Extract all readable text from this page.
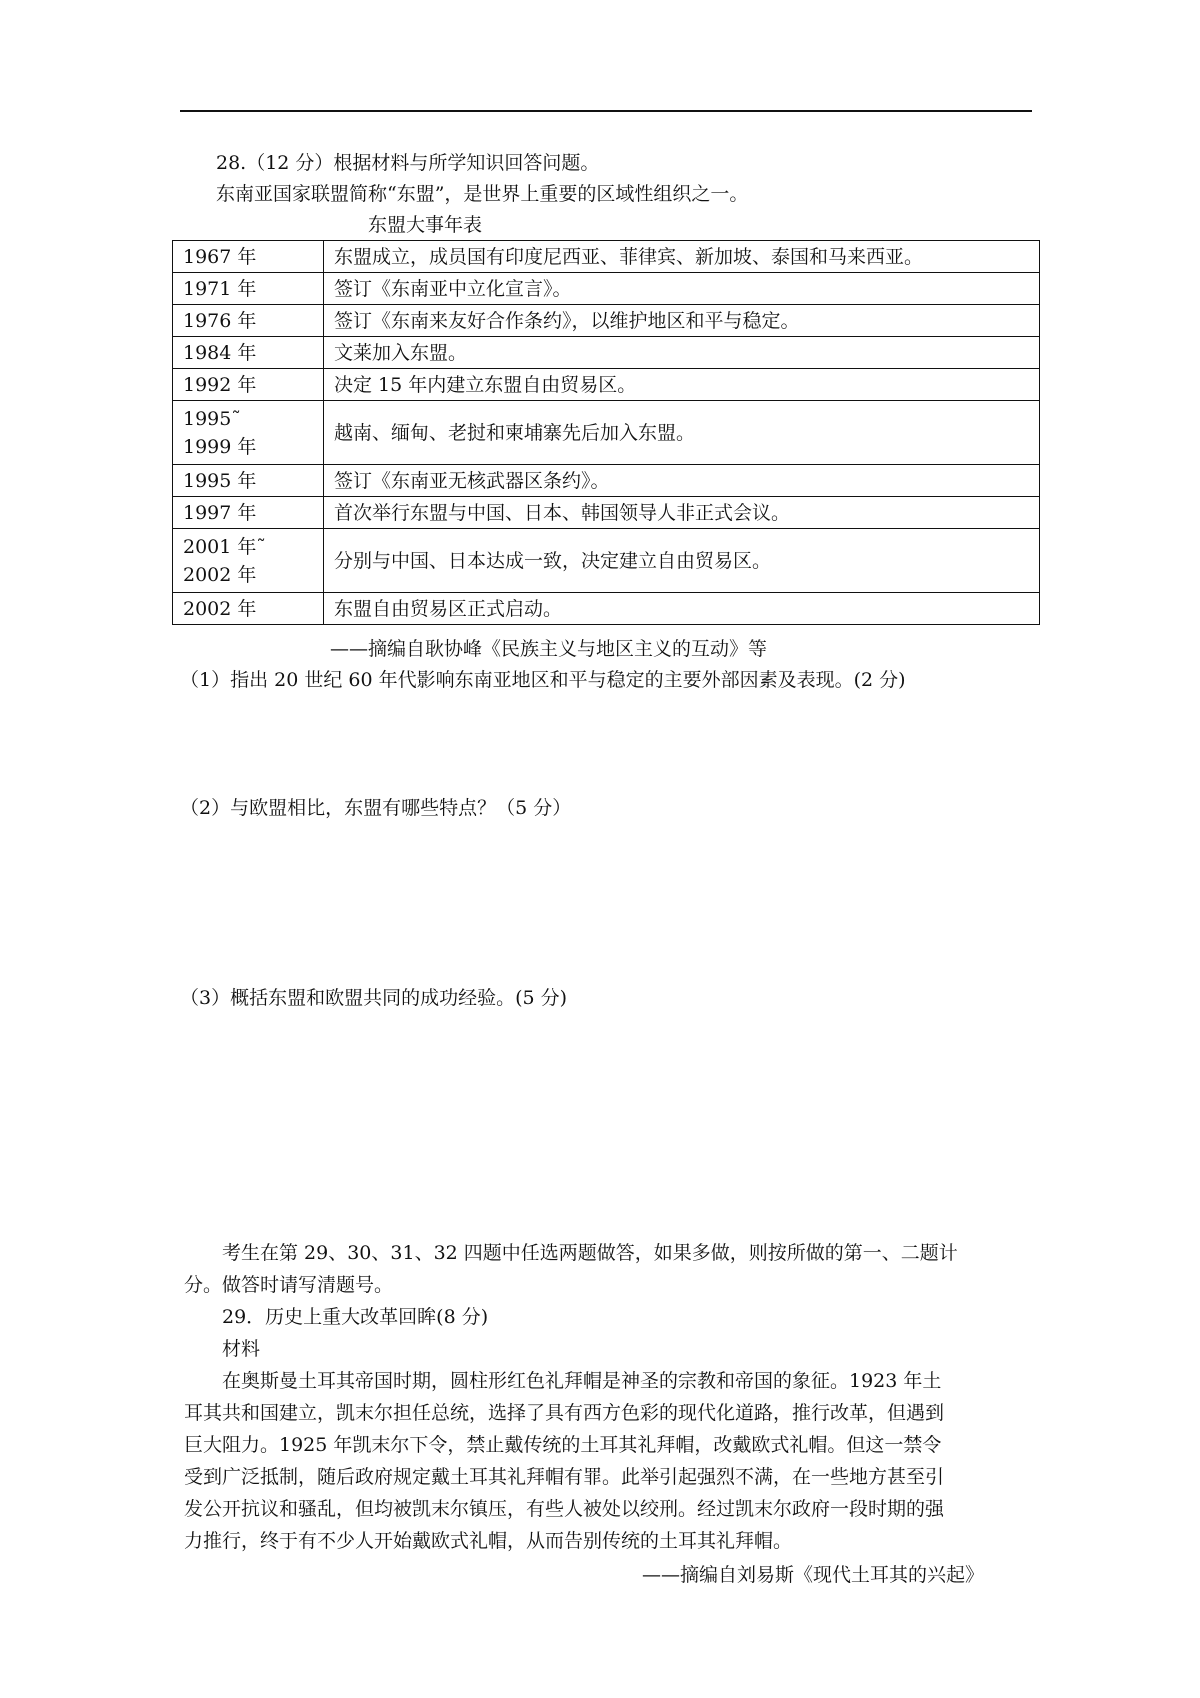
28.（12 分）根据材料与所学知识回答问题。
东南亚国家联盟简称“东盟”，是世界上重要的区域性组织之一。
东盟大事年表
1967 年	东盟成立，成员国有印度尼西亚、菲律宾、新加坡、泰国和马来西亚。
1971 年	签订《东南亚中立化宣言》。
1976 年	签订《东南来友好合作条约》，以维护地区和平与稳定。
1984 年	文莱加入东盟。
1992 年	决定 15 年内建立东盟自由贸易区。

1995˜
1999 年	越南、缅甸、老挝和柬埔寨先后加入东盟。
1995 年	签订《东南亚无核武器区条约》。
1997 年	首次举行东盟与中国、日本、韩国领导人非正式会议。

2001 年˜
2002 年	分别与中国、日本达成一致，决定建立自由贸易区。
2002 年	东盟自由贸易区正式启动。
——摘编自耿协峰《民族主义与地区主义的互动》等
（1）指出 20 世纪 60 年代影响东南亚地区和平与稳定的主要外部因素及表现。(2 分)
（2）与欧盟相比，东盟有哪些特点？（5 分）
（3）概括东盟和欧盟共同的成功经验。(5 分)
考生在第 29、30、31、32 四题中任选两题做答，如果多做，则按所做的第一、二题计
分。做答时请写清题号。
29．历史上重大改革回眸(8 分)
材料
在奥斯曼土耳其帝国时期，圆柱形红色礼拜帽是神圣的宗教和帝国的象征。1923 年土
耳其共和国建立，凯末尔担任总统，选择了具有西方色彩的现代化道路，推行改革，但遇到
巨大阻力。1925 年凯末尔下令，禁止戴传统的土耳其礼拜帽，改戴欧式礼帽。但这一禁令
受到广泛抵制，随后政府规定戴土耳其礼拜帽有罪。此举引起强烈不满，在一些地方甚至引
发公开抗议和骚乱，但均被凯末尔镇压，有些人被处以绞刑。经过凯末尔政府一段时期的强
力推行，终于有不少人开始戴欧式礼帽，从而告别传统的土耳其礼拜帽。
——摘编自刘易斯《现代土耳其的兴起》
